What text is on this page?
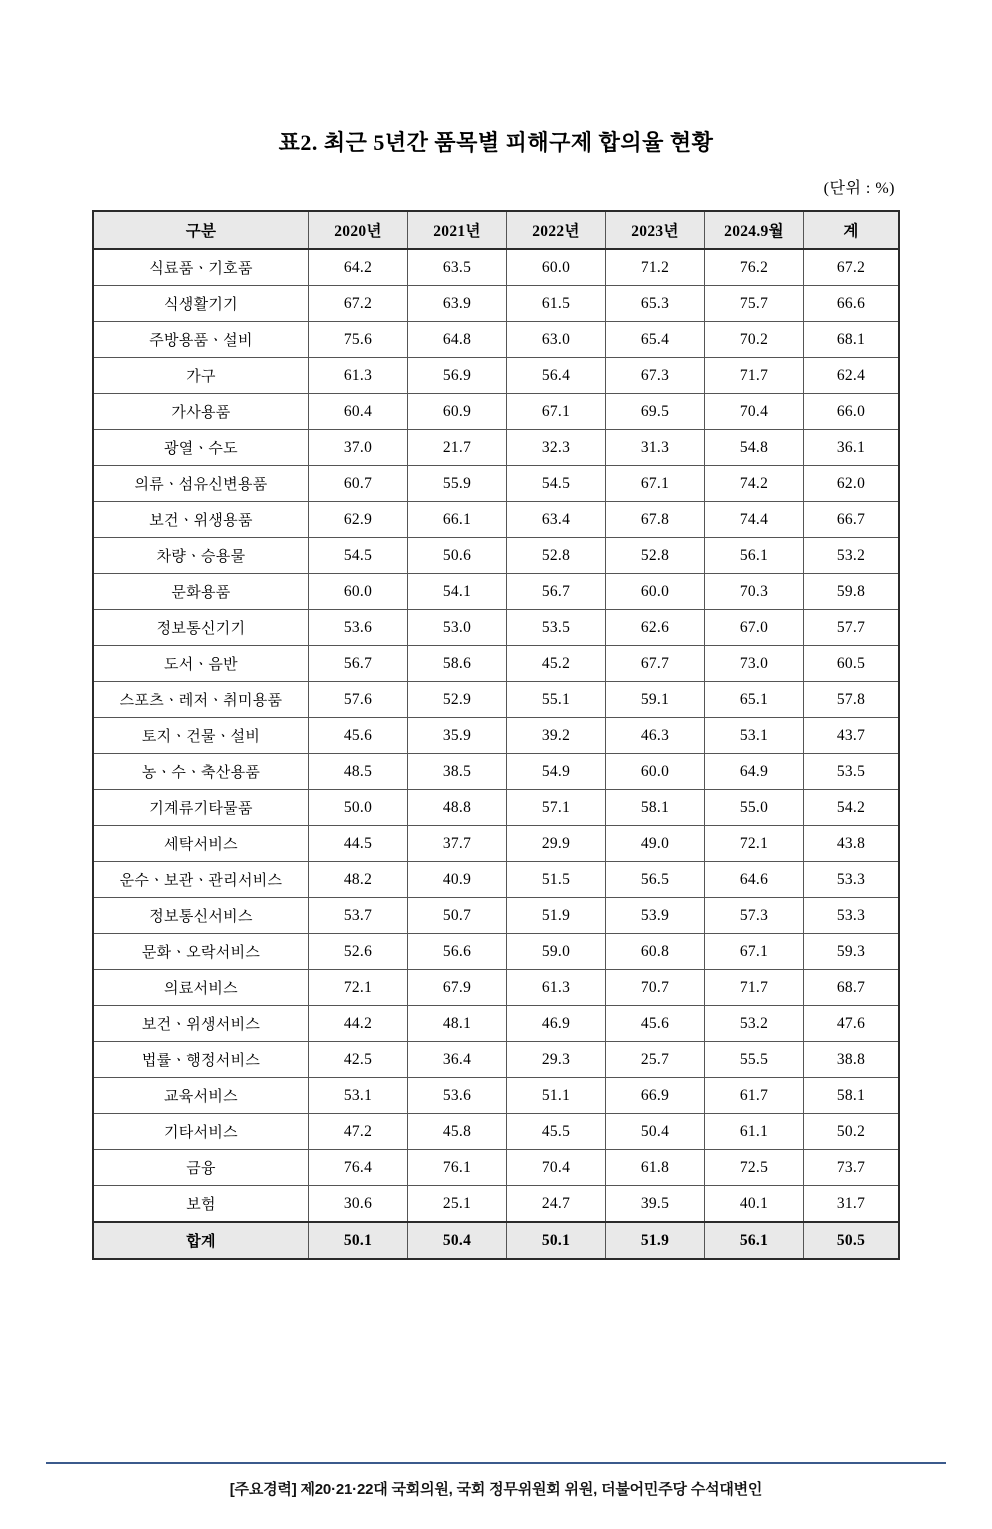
표2. 최근 5년간 품목별 피해구제 합의율 현황
(단위 : %)
구분	2020년	2021년	2022년	2023년	2024.9월	계
식료품ㆍ기호품	64.2	63.5	60.0	71.2	76.2	67.2
식생활기기	67.2	63.9	61.5	65.3	75.7	66.6
주방용품ㆍ설비	75.6	64.8	63.0	65.4	70.2	68.1
가구	61.3	56.9	56.4	67.3	71.7	62.4
가사용품	60.4	60.9	67.1	69.5	70.4	66.0
광열ㆍ수도	37.0	21.7	32.3	31.3	54.8	36.1
의류ㆍ섬유신변용품	60.7	55.9	54.5	67.1	74.2	62.0
보건ㆍ위생용품	62.9	66.1	63.4	67.8	74.4	66.7
차량ㆍ승용물	54.5	50.6	52.8	52.8	56.1	53.2
문화용품	60.0	54.1	56.7	60.0	70.3	59.8
정보통신기기	53.6	53.0	53.5	62.6	67.0	57.7
도서ㆍ음반	56.7	58.6	45.2	67.7	73.0	60.5
스포츠ㆍ레저ㆍ취미용품	57.6	52.9	55.1	59.1	65.1	57.8
토지ㆍ건물ㆍ설비	45.6	35.9	39.2	46.3	53.1	43.7
농ㆍ수ㆍ축산용품	48.5	38.5	54.9	60.0	64.9	53.5
기계류기타물품	50.0	48.8	57.1	58.1	55.0	54.2
세탁서비스	44.5	37.7	29.9	49.0	72.1	43.8
운수ㆍ보관ㆍ관리서비스	48.2	40.9	51.5	56.5	64.6	53.3
정보통신서비스	53.7	50.7	51.9	53.9	57.3	53.3
문화ㆍ오락서비스	52.6	56.6	59.0	60.8	67.1	59.3
의료서비스	72.1	67.9	61.3	70.7	71.7	68.7
보건ㆍ위생서비스	44.2	48.1	46.9	45.6	53.2	47.6
법률ㆍ행정서비스	42.5	36.4	29.3	25.7	55.5	38.8
교육서비스	53.1	53.6	51.1	66.9	61.7	58.1
기타서비스	47.2	45.8	45.5	50.4	61.1	50.2
금융	76.4	76.1	70.4	61.8	72.5	73.7
보험	30.6	25.1	24.7	39.5	40.1	31.7
합계	50.1	50.4	50.1	51.9	56.1	50.5
[주요경력] 제20·21·22대 국회의원, 국회 정무위원회 위원, 더불어민주당 수석대변인
